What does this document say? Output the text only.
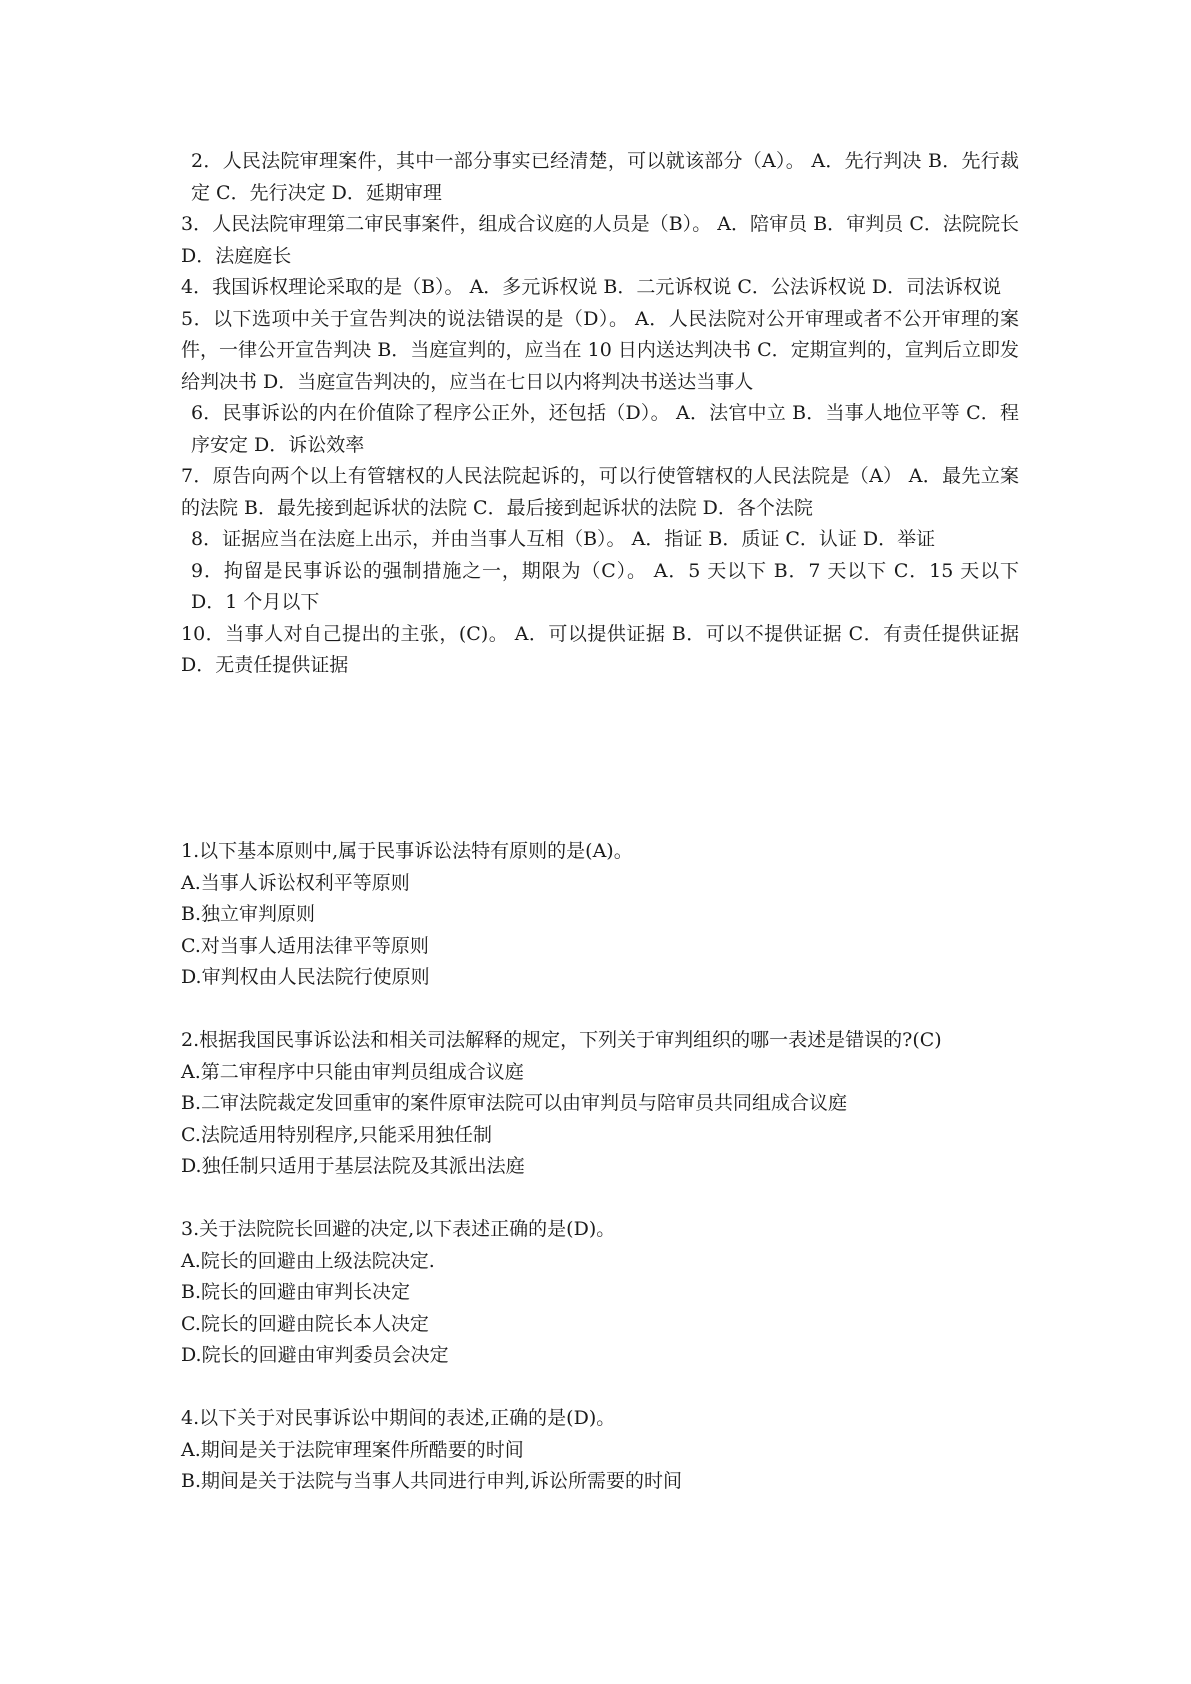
2．人民法院审理案件，其中一部分事实已经清楚，可以就该部分（A）。 A．先行判决 B．先行裁定 C．先行决定 D．延期审理

3．人民法院审理第二审民事案件，组成合议庭的人员是（B）。 A．陪审员 B．审判员 C．法院院长 D．法庭庭长

4．我国诉权理论采取的是（B）。 A．多元诉权说 B．二元诉权说 C．公法诉权说 D．司法诉权说

5．以下选项中关于宣告判决的说法错误的是（D）。 A．人民法院对公开审理或者不公开审理的案件，一律公开宣告判决 B．当庭宣判的，应当在 10 日内送达判决书 C．定期宣判的，宣判后立即发给判决书 D．当庭宣告判决的，应当在七日以内将判决书送达当事人

6．民事诉讼的内在价值除了程序公正外，还包括（D）。 A．法官中立 B．当事人地位平等 C．程序安定 D．诉讼效率

7．原告向两个以上有管辖权的人民法院起诉的，可以行使管辖权的人民法院是（A） A．最先立案的法院 B．最先接到起诉状的法院 C．最后接到起诉状的法院 D．各个法院

8．证据应当在法庭上出示，并由当事人互相（B）。 A．指证 B．质证 C．认证 D．举证

9．拘留是民事诉讼的强制措施之一，期限为（C）。 A．5 天以下 B．7 天以下 C．15 天以下 D．1 个月以下

10．当事人对自己提出的主张，(C)。 A．可以提供证据 B．可以不提供证据 C．有责任提供证据 D．无责任提供证据

1.以下基本原则中,属于民事诉讼法特有原则的是(A)。

A.当事人诉讼权利平等原则

B.独立审判原则

C.对当事人适用法律平等原则

D.审判权由人民法院行使原则

2.根据我国民事诉讼法和相关司法解释的规定，下列关于审判组织的哪一表述是错误的?(C)

A.第二审程序中只能由审判员组成合议庭

B.二审法院裁定发回重审的案件原审法院可以由审判员与陪审员共同组成合议庭

C.法院适用特别程序,只能采用独任制

D.独任制只适用于基层法院及其派出法庭

3.关于法院院长回避的决定,以下表述正确的是(D)。

A.院长的回避由上级法院决定.

B.院长的回避由审判长决定

C.院长的回避由院长本人决定

D.院长的回避由审判委员会决定

4.以下关于对民事诉讼中期间的表述,正确的是(D)。

A.期间是关于法院审理案件所酷要的时间

B.期间是关于法院与当事人共同进行申判,诉讼所需要的时间
